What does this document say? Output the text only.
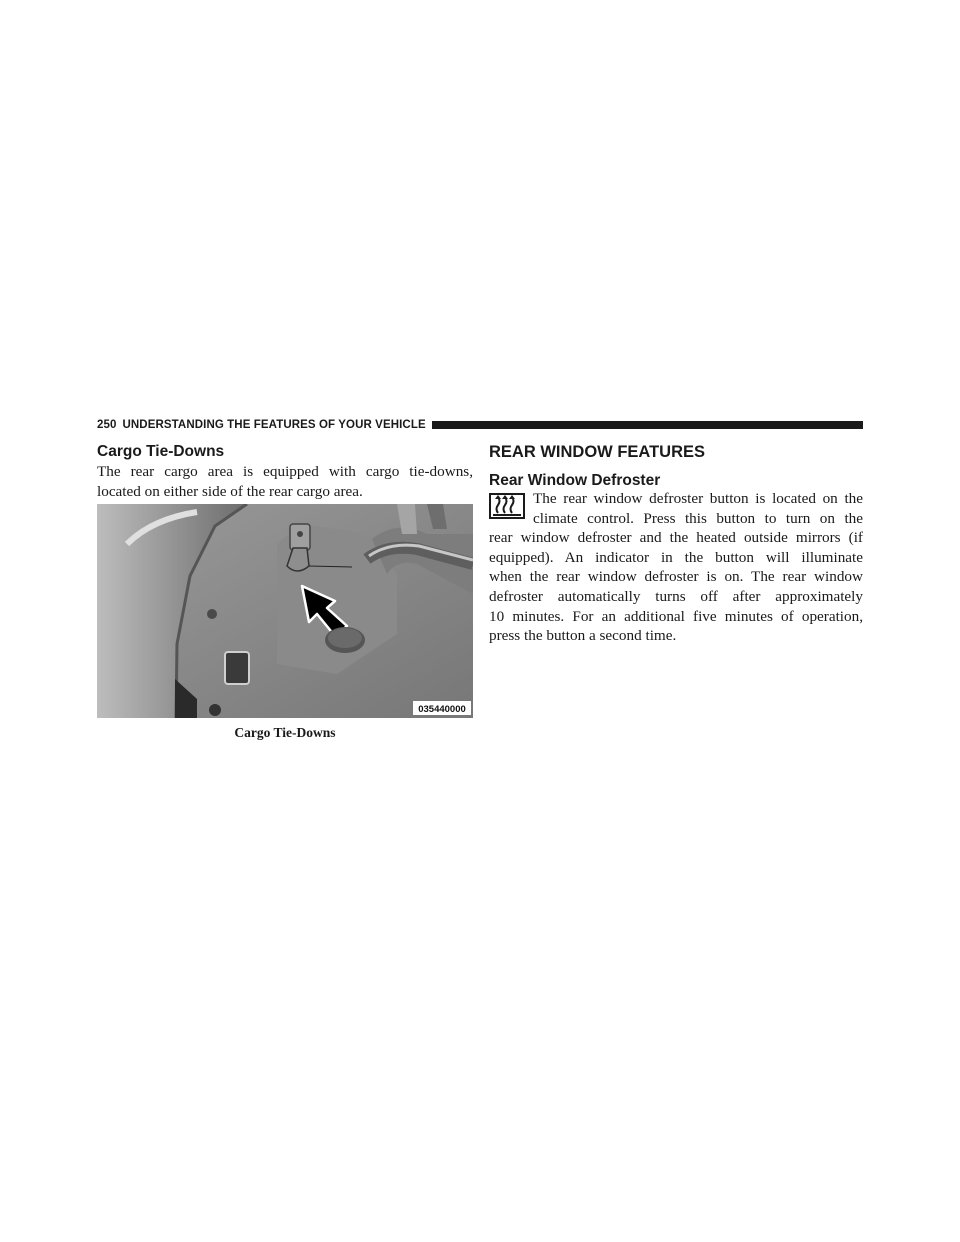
250 UNDERSTANDING THE FEATURES OF YOUR VEHICLE
Cargo Tie-Downs

The rear cargo area is equipped with cargo tie-downs,
located on either side of the rear cargo area.

035440000
Cargo Tie-Downs
REAR WINDOW FEATURES
Rear Window Defroster

The rear window defroster button is located on the
climate control. Press this button to turn on the

rear window defroster and the heated outside mirrors (if
equipped). An indicator in the button will illuminate
when the rear window defroster is on. The rear window
defroster automatically turns off after approximately
10 minutes. For an additional five minutes of operation,
press the button a second time.
